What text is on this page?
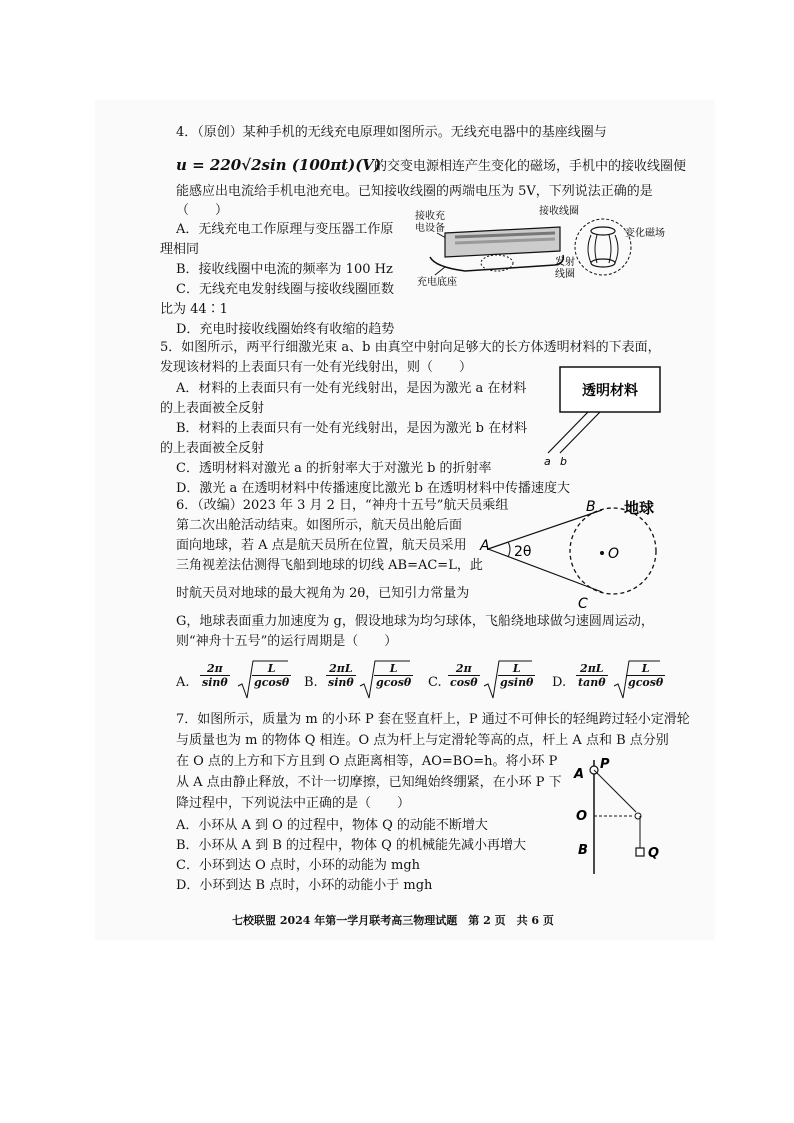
4．（原创）某种手机的无线充电原理如图所示。无线充电器中的基座线圈与
u = 220√2sin (100πt)(V)
的交变电源相连产生变化的磁场，手机中的接收线圈便
能感应出电流给手机电池充电。已知接收线圈的两端电压为 5V，下列说法正确的是
（　　）
A．无线充电工作原理与变压器工作原
理相同
B．接收线圈中电流的频率为 100 Hz
C．无线充电发射线圈与接收线圈匝数
比为 44∶1
D．充电时接收线圈始终有收缩的趋势
接收充
电设备
充电底座
接收线圈
变化磁场
发射
线圈
5．如图所示，两平行细激光束 a、b 由真空中射向足够大的长方体透明材料的下表面，
发现该材料的上表面只有一处有光线射出，则（　　）
A．材料的上表面只有一处有光线射出，是因为激光 a 在材料
的上表面被全反射
B．材料的上表面只有一处有光线射出，是因为激光 b 在材料
的上表面被全反射
C．透明材料对激光 a 的折射率大于对激光 b 的折射率
D．激光 a 在透明材料中传播速度比激光 b 在透明材料中传播速度大
透明材料
a b
6．（改编）2023 年 3 月 2 日，“神舟十五号”航天员乘组
第二次出舱活动结束。如图所示，航天员出舱后面
面向地球，若 A 点是航天员所在位置，航天员采用
三角视差法估测得飞船到地球的切线 AB=AC=L，此
时航天员对地球的最大视角为 2θ，已知引力常量为
G，地球表面重力加速度为 g，假设地球为均匀球体，飞船绕地球做匀速圆周运动，
则“神舟十五号”的运行周期是（　　）
A
B
C
O
2θ
地球
A. $\frac{2\pi}{\sin\theta} \frac{L}{gcos\theta} B$. $\frac{2\pi L}{\sin\theta} \frac{L}{gcos\theta} C$. $\frac{2\pi}{\cos\theta} \frac{L}{gsin\theta} D$. $\frac{2\pi L}{\tan\theta} \frac{L}{gcos\theta}$
7．如图所示，质量为 m 的小环 P 套在竖直杆上，P 通过不可伸长的轻绳跨过轻小定滑轮
与质量也为 m 的物体 Q 相连。O 点为杆上与定滑轮等高的点，杆上 A 点和 B 点分别
在 O 点的上方和下方且到 O 点距离相等，AO=BO=h。将小环 P
从 A 点由静止释放，不计一切摩擦，已知绳始终绷紧，在小环 P 下
降过程中，下列说法中正确的是（　　）
A．小环从 A 到 O 的过程中，物体 Q 的动能不断增大
B．小环从 A 到 B 的过程中，物体 Q 的机械能先减小再增大
C．小环到达 O 点时，小环的动能为 mgh
D．小环到达 B 点时，小环的动能小于 mgh
A
P
O
B	Q
七校联盟 2024 年第一学月联考高三物理试题　第 2 页　共 6 页
